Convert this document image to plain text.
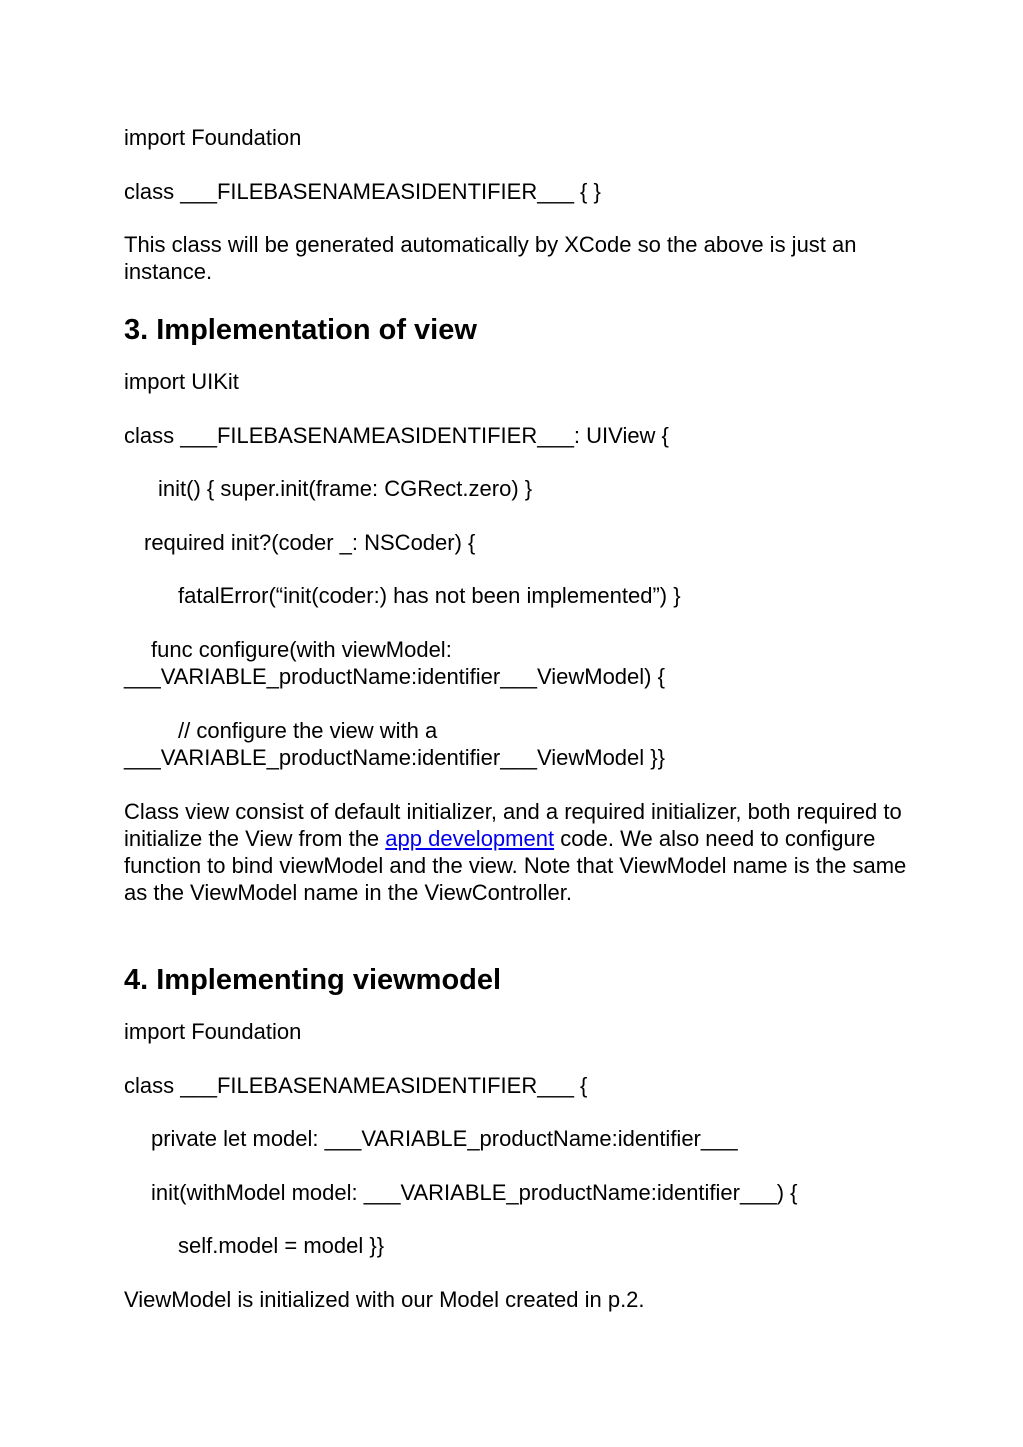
import Foundation
class ___FILEBASENAMEASIDENTIFIER___ { }
This class will be generated automatically by XCode so the above is just an instance.
3. Implementation of view
import UIKit
class ___FILEBASENAMEASIDENTIFIER___: UIView {
init() { super.init(frame: CGRect.zero) }
required init?(coder _: NSCoder) {
fatalError(“init(coder:) has not been implemented”) }
func configure(with viewModel:
___VARIABLE_productName:identifier___ViewModel) {
// configure the view with a
___VARIABLE_productName:identifier___ViewModel }}
Class view consist of default initializer, and a required initializer, both required to initialize the View from the app development code. We also need to configure function to bind viewModel and the view. Note that ViewModel name is the same as the ViewModel name in the ViewController.
4. Implementing viewmodel
import Foundation
class ___FILEBASENAMEASIDENTIFIER___ {
private let model: ___VARIABLE_productName:identifier___
init(withModel model: ___VARIABLE_productName:identifier___) {
self.model = model }}
ViewModel is initialized with our Model created in p.2.
